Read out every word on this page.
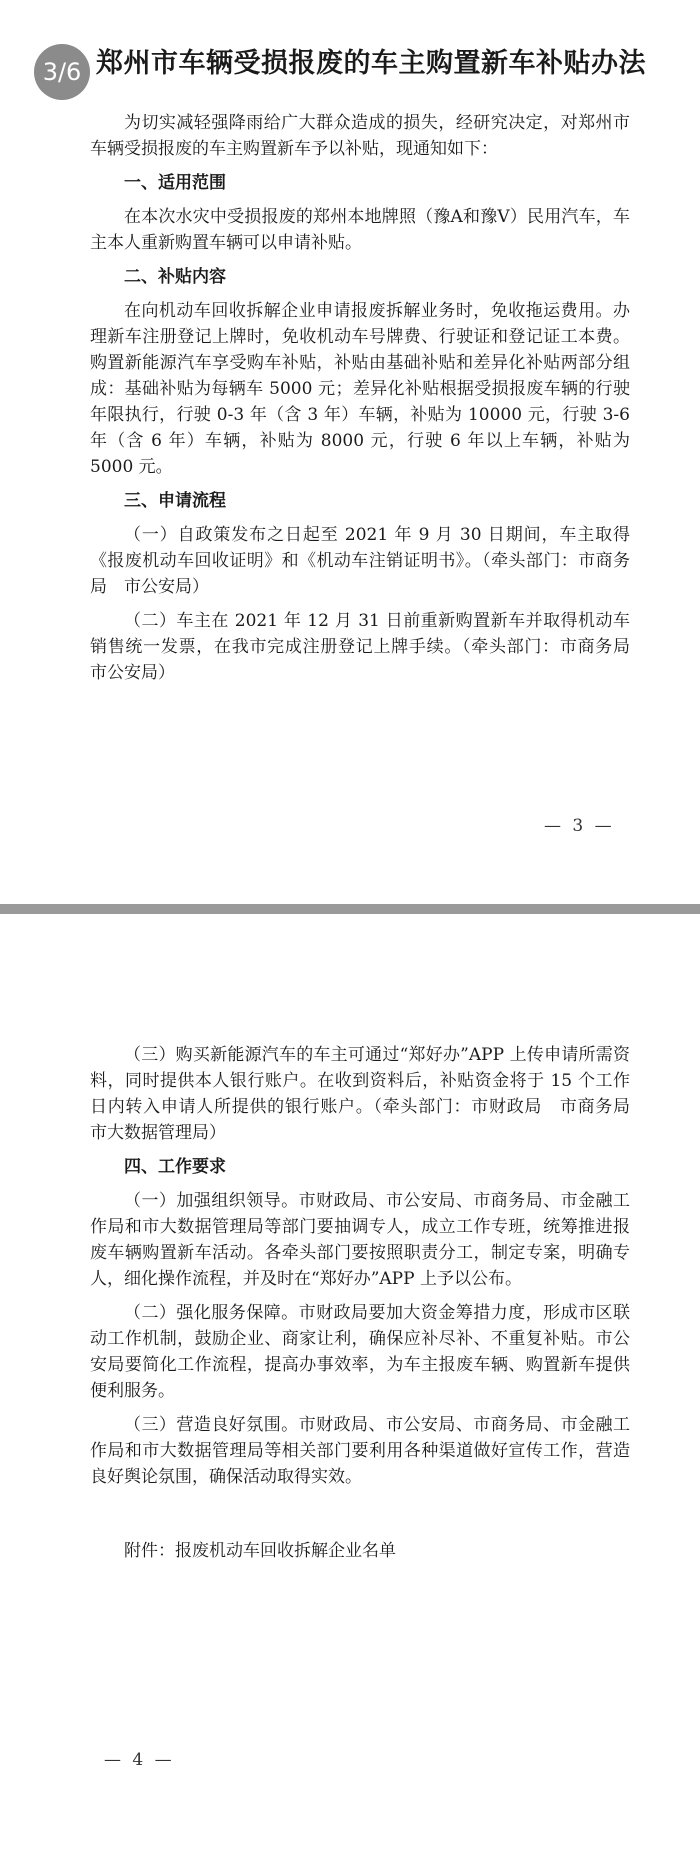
郑州市车辆受损报废的车主购置新车补贴办法

为切实减轻强降雨给广大群众造成的损失，经研究决定，对郑州市车辆受损报废的车主购置新车予以补贴，现通知如下：

一、适用范围

在本次水灾中受损报废的郑州本地牌照（豫A和豫V）民用汽车，车主本人重新购置车辆可以申请补贴。

二、补贴内容

在向机动车回收拆解企业申请报废拆解业务时，免收拖运费用。办理新车注册登记上牌时，免收机动车号牌费、行驶证和登记证工本费。购置新能源汽车享受购车补贴，补贴由基础补贴和差异化补贴两部分组成：基础补贴为每辆车 5000 元；差异化补贴根据受损报废车辆的行驶年限执行，行驶 0-3 年（含 3 年）车辆，补贴为 10000 元，行驶 3-6 年（含 6 年）车辆，补贴为 8000 元，行驶 6 年以上车辆，补贴为 5000 元。

三、申请流程

（一）自政策发布之日起至 2021 年 9 月 30 日期间，车主取得《报废机动车回收证明》和《机动车注销证明书》。（牵头部门：市商务局　市公安局）

（二）车主在 2021 年 12 月 31 日前重新购置新车并取得机动车销售统一发票，在我市完成注册登记上牌手续。（牵头部门：市商务局　市公安局）

— 3 —

（三）购买新能源汽车的车主可通过“郑好办”APP 上传申请所需资料，同时提供本人银行账户。在收到资料后，补贴资金将于 15 个工作日内转入申请人所提供的银行账户。（牵头部门：市财政局　市商务局　市大数据管理局）

四、工作要求

（一）加强组织领导。市财政局、市公安局、市商务局、市金融工作局和市大数据管理局等部门要抽调专人，成立工作专班，统筹推进报废车辆购置新车活动。各牵头部门要按照职责分工，制定专案，明确专人，细化操作流程，并及时在“郑好办”APP 上予以公布。

（二）强化服务保障。市财政局要加大资金筹措力度，形成市区联动工作机制，鼓励企业、商家让利，确保应补尽补、不重复补贴。市公安局要简化工作流程，提高办事效率，为车主报废车辆、购置新车提供便利服务。

（三）营造良好氛围。市财政局、市公安局、市商务局、市金融工作局和市大数据管理局等相关部门要利用各种渠道做好宣传工作，营造良好舆论氛围，确保活动取得实效。

附件：报废机动车回收拆解企业名单

— 4 —
3/6
